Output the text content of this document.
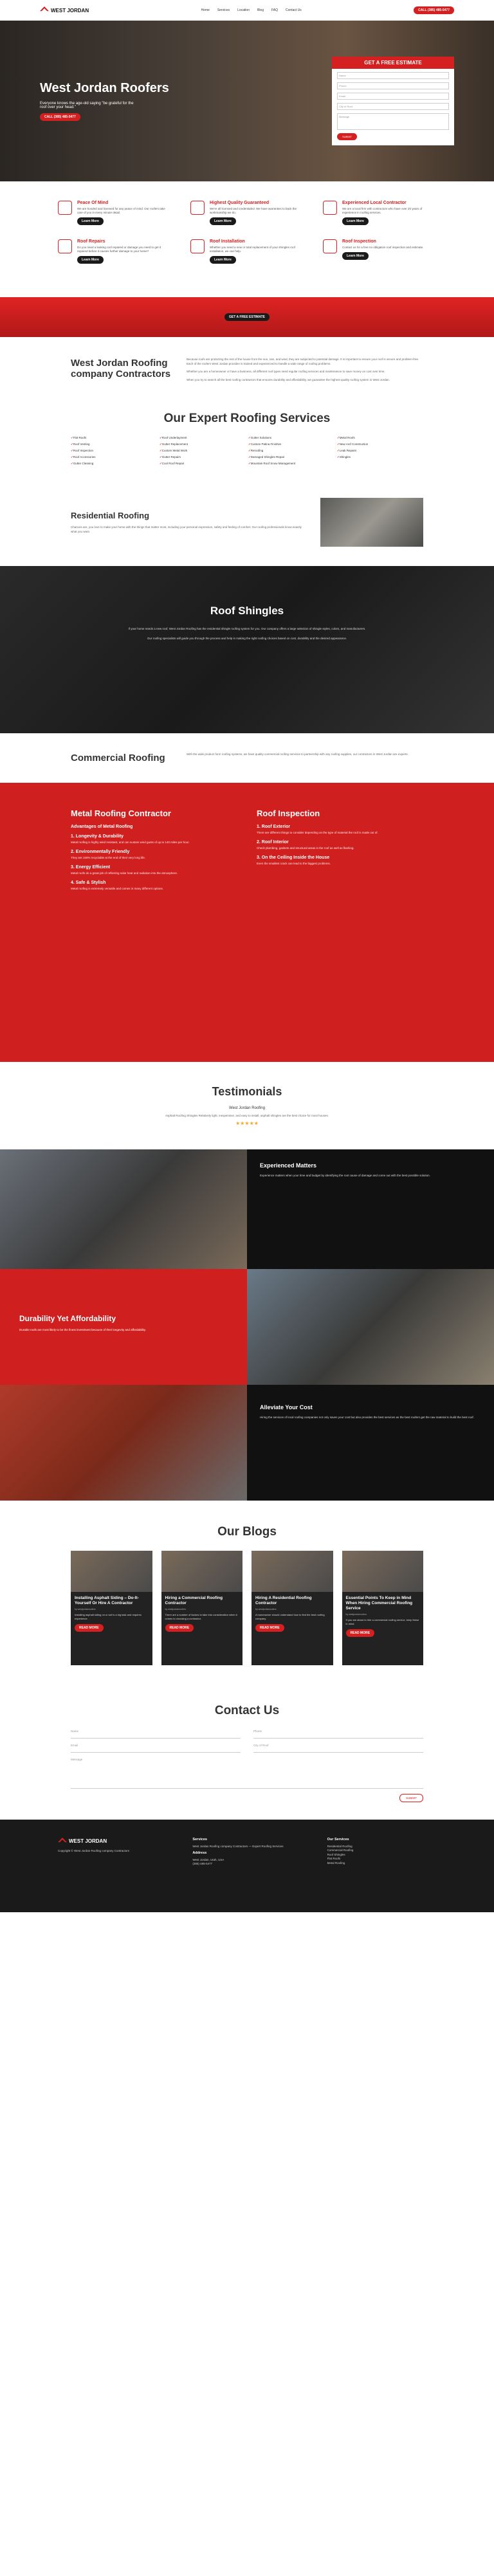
WEST JORDAN	Home Services Location Blog FAQ Contact Us	CALL (385) 485-5477
West Jordan Roofers

Everyone knows the age-old saying "be grateful for the roof over your head."

CALL (385) 485-5477
GET A FREE ESTIMATE
Name
Phone
Email
City of Roof
Message
SUBMIT
Peace Of Mind

We are bonded and licensed for any peace of mind. Our roofers take care of you in every minute detail.

Learn More
Highest Quality Guaranteed

We're all licensed and credentialed. We have warranties to back the workmanship we do.

Learn More
Experienced Local Contractor

We are a local firm with contractors who have over 20 years of experience in roofing services.

Learn More
Roof Repairs

Do you need a leaking roof repaired or damage you need to get it repaired before it causes further damage to your home?

Learn More
Roof Installation

Whether you need a new or total replacement of your shingles roof installation, we can help.

Learn More
Roof Inspection

Contact us for a free no obligation roof inspection and estimate.

Learn More
GET A FREE ESTIMATE
West Jordan Roofing company Contractors

Because roofs are protecting the rest of the house from the sun, rain, and wind, they are subjected to potential damage. It is important to ensure your roof is secure and problem-free. Each of the roofers West Jordan provides is trained and experienced to handle a wide range of roofing problems.

Whether you are a homeowner or have a business, all different roof types need regular roofing services and maintenance to save money on cost over time.

When you try to search all the best roofing contractors that ensures durability and affordability, we guarantee the highest quality roofing system in West Jordan.

Our Expert Roofing Services
✓ Flat Roofs	✓ Roof Underlayment	✓ Gutter Solutions	✓ Metal Roofs
✓ Roof Venting	✓ Gutter Replacement	✓ Custom Patina Finishes	✓ New roof Construction
✓ Roof Inspection	✓ Custom Metal Work	✓ Reroofing	✓ Leak Repairs
✓ Roof Accessories	✓ Gutter Repairs	✓ Damaged Shingles Repair	✓ Shingles
✓ Gutter Cleaning	✓ Cool Roof Repair	✓ Mountain Roof Snow Management
Residential Roofing

Chances are, you love to make your home with the things that matter most, including your personal expression, safety and feeling of comfort. Our roofing professionals know exactly what you want.

Roof Shingles

If your home needs a new roof, West Jordan Roofing has the residential shingle roofing system for you. Our company offers a large selection of shingle styles, colors, and manufacturers.

Our roofing specialists will guide you through the process and help in making the right roofing choices based on cost, durability and the desired appearance.

Commercial Roofing	With the wide product form roofing systems, we have quality commercial roofing services to partnership with any roofing supplies, our contractors in West Jordan are experts.

Metal Roofing Contractor
Advantages of Metal Roofing
1. Longevity & Durability

Metal roofing is highly wind resistant, and can sustain wind gusts of up to 140 miles per hour.

2. Environmentally Friendly

They are 100% recyclable at the end of their very long life.

3. Energy Efficient

Metal roofs do a great job of reflecting solar heat and radiation into the atmosphere.

4. Safe & Stylish

Metal roofing is extremely versatile and comes in many different options.

Roof Inspection
1. Roof Exterior

There are different things to consider depending on the type of material the roof is made out of.

2. Roof Interior

Check plumbing, gaskets and structural areas in the roof as well as flashing.

3. On the Ceiling Inside the House

Even the smallest crack can lead to the biggest problems.

Testimonials
West Jordan Roofing

Asphalt Roofing Shingles Relatively light, inexpensive, and easy to install, asphalt shingles are the best choice for most houses.

★★★★★
Experienced Matters

Experience matters when your time and budget by identifying the root cause of damage and come out with the best possible solution.

Durability Yet Affordability

Durable roofs are most likely to be the finest investment because of their longevity and affordability.

Alleviate Your Cost

Hiring the services of local roofing companies not only saves your cost but also provides the best services as the best roofers get the raw material to build the best roof.

Our Blogs
Installing Asphalt Siding – Do-It-Yourself Or Hire A Contractor
by westjordanroofers

Installing asphalt siding on a roof is a big task and requires experience.

READ MORE
Hiring a Commercial Roofing Contractor
by westjordanroofers

There are a number of factors to take into consideration when it comes to choosing a contractor.

READ MORE
Hiring A Residential Roofing Contractor
by westjordanroofers

A homeowner should understand how to find the best roofing company.

READ MORE
Essential Points To Keep in Mind When Hiring Commercial Roofing Service
by westjordanroofers

If you are about to hire a commercial roofing service, keep these in mind.

READ MORE
Contact Us
Name	Phone
Email	City of Roof
Message
SUBMIT
WEST JORDAN

Copyright © West Jordan Roofing company Contractors

Services

West Jordan Roofing company Contractors — Expert Roofing Services

Address

West Jordan, Utah, USA

(385) 485-5477

Our Services

Residential Roofing

Commercial Roofing

Roof Shingles

Flat Roofs

Metal Roofing
